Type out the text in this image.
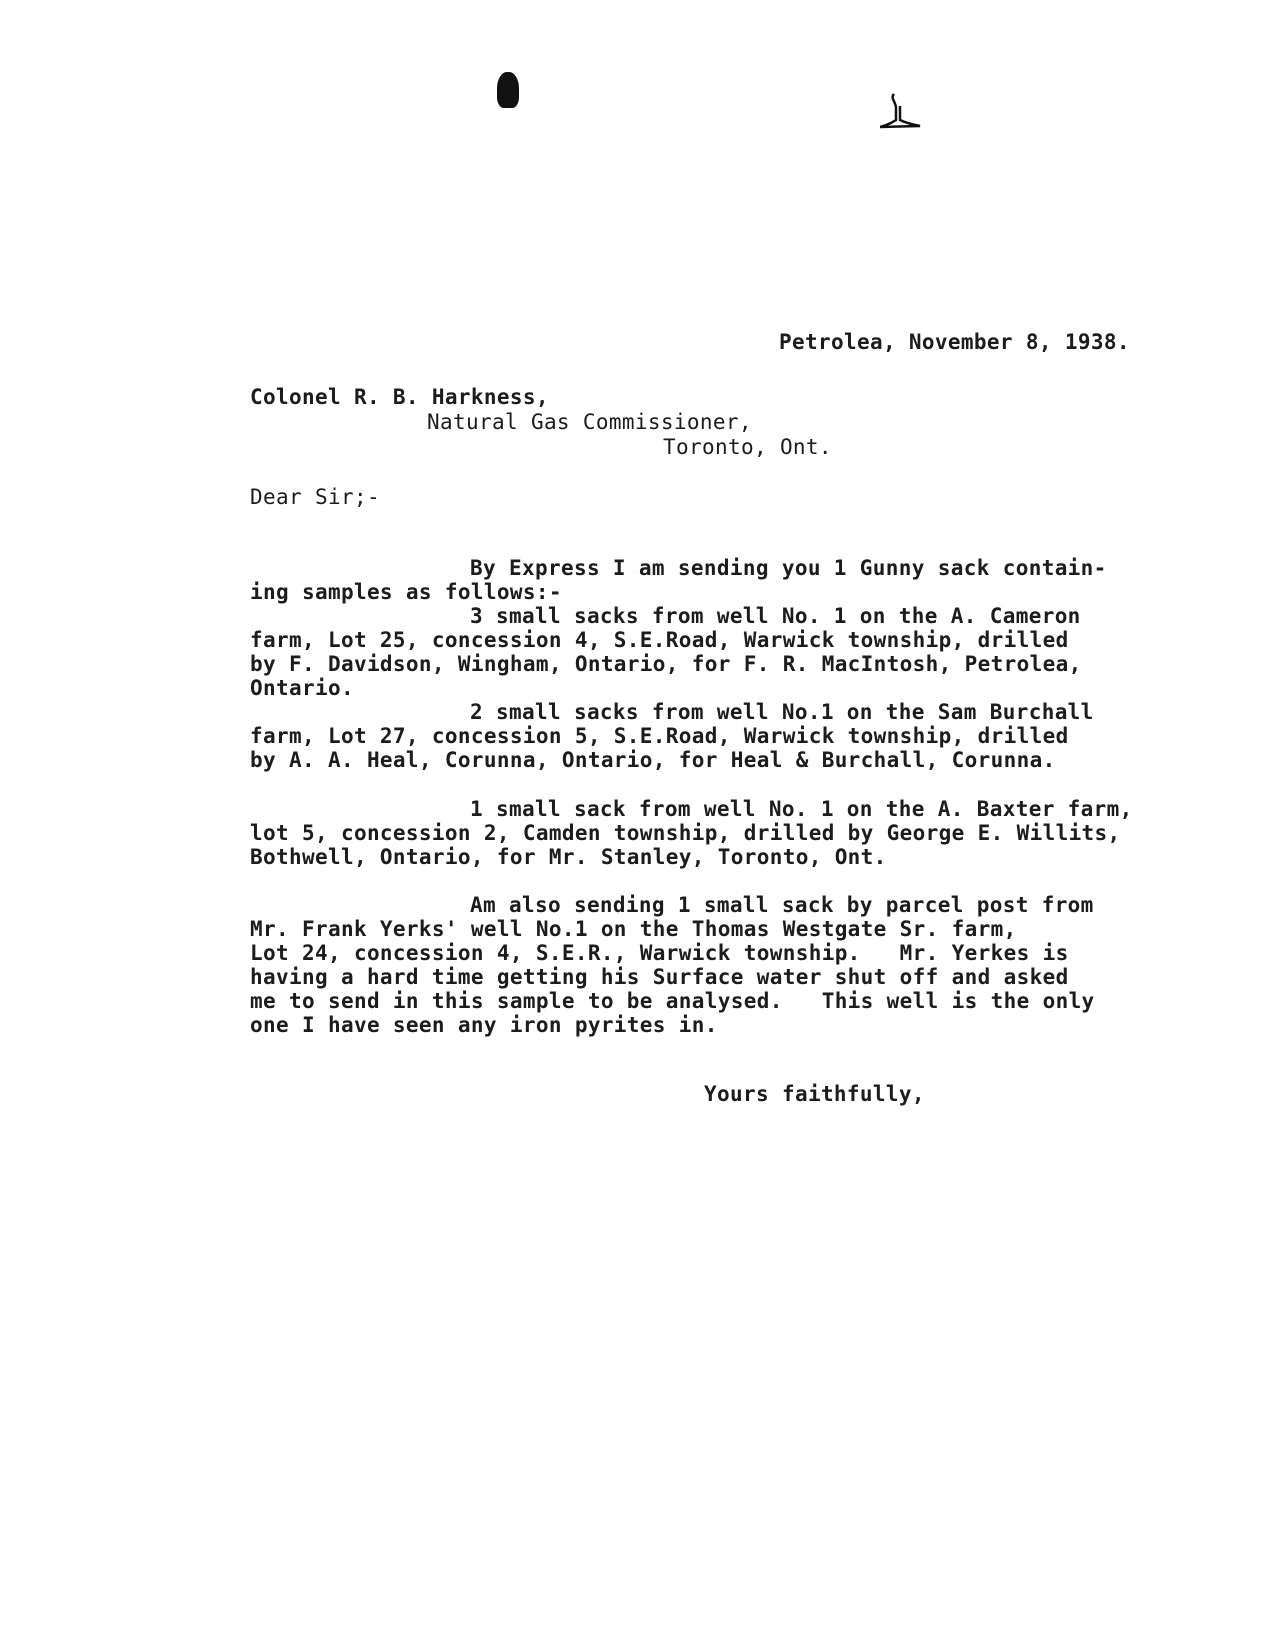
Petrolea, November 8, 1938.
Colonel R. B. Harkness,
Natural Gas Commissioner,
Toronto, Ont.
Dear Sir;-
By Express I am sending you 1 Gunny sack contain-
ing samples as follows:-
3 small sacks from well No. 1 on the A. Cameron
farm, Lot 25, concession 4, S.E.Road, Warwick township, drilled
by F. Davidson, Wingham, Ontario, for F. R. MacIntosh, Petrolea,
Ontario.
2 small sacks from well No.1 on the Sam Burchall
farm, Lot 27, concession 5, S.E.Road, Warwick township, drilled
by A. A. Heal, Corunna, Ontario, for Heal & Burchall, Corunna.
1 small sack from well No. 1 on the A. Baxter farm,
lot 5, concession 2, Camden township, drilled by George E. Willits,
Bothwell, Ontario, for Mr. Stanley, Toronto, Ont.
Am also sending 1 small sack by parcel post from
Mr. Frank Yerks' well No.1 on the Thomas Westgate Sr. farm,
Lot 24, concession 4, S.E.R., Warwick township.   Mr. Yerkes is
having a hard time getting his Surface water shut off and asked
me to send in this sample to be analysed.   This well is the only
one I have seen any iron pyrites in.
Yours faithfully,
